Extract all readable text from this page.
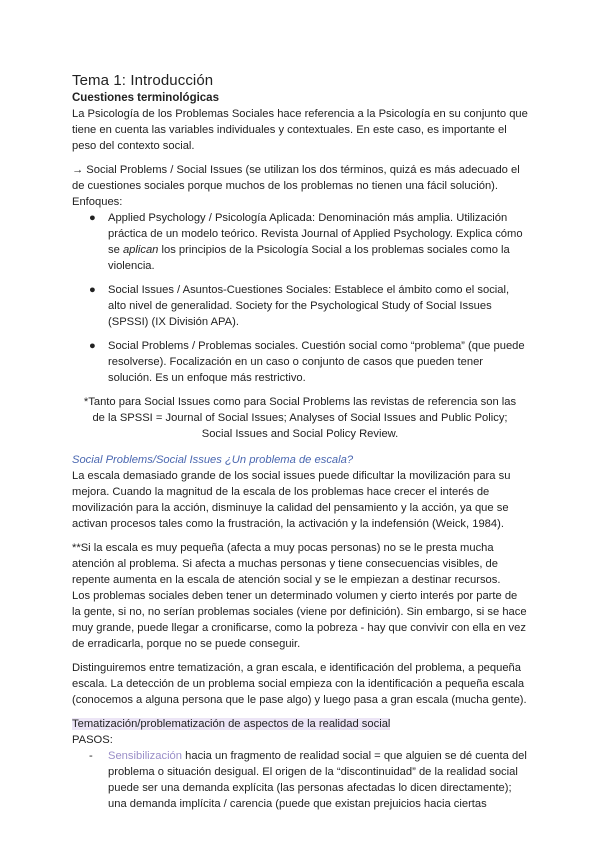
Tema 1: Introducción
Cuestiones terminológicas

La Psicología de los Problemas Sociales hace referencia a la Psicología en su conjunto que tiene en cuenta las variables individuales y contextuales. En este caso, es importante el peso del contexto social.

→ Social Problems / Social Issues (se utilizan los dos términos, quizá es más adecuado el de cuestiones sociales porque muchos de los problemas no tienen una fácil solución).

Enfoques:

● Applied Psychology / Psicología Aplicada: Denominación más amplia. Utilización práctica de un modelo teórico. Revista Journal of Applied Psychology. Explica cómo se aplican los principios de la Psicología Social a los problemas sociales como la violencia.
● Social Issues / Asuntos-Cuestiones Sociales: Establece el ámbito como el social, alto nivel de generalidad. Society for the Psychological Study of Social Issues (SPSSI) (IX División APA).
● Social Problems / Problemas sociales. Cuestión social como “problema” (que puede resolverse). Focalización en un caso o conjunto de casos que pueden tener solución. Es un enfoque más restrictivo.
*Tanto para Social Issues como para Social Problems las revistas de referencia son las de la SPSSI = Journal of Social Issues; Analyses of Social Issues and Public Policy; Social Issues and Social Policy Review.

Social Problems/Social Issues ¿Un problema de escala?

La escala demasiado grande de los social issues puede dificultar la movilización para su mejora. Cuando la magnitud de la escala de los problemas hace crecer el interés de movilización para la acción, disminuye la calidad del pensamiento y la acción, ya que se activan procesos tales como la frustración, la activación y la indefensión (Weick, 1984).

**Si la escala es muy pequeña (afecta a muy pocas personas) no se le presta mucha atención al problema. Si afecta a muchas personas y tiene consecuencias visibles, de repente aumenta en la escala de atención social y se le empiezan a destinar recursos.

Los problemas sociales deben tener un determinado volumen y cierto interés por parte de la gente, si no, no serían problemas sociales (viene por definición). Sin embargo, si se hace muy grande, puede llegar a cronificarse, como la pobreza - hay que convivir con ella en vez de erradicarla, porque no se puede conseguir.

Distinguiremos entre tematización, a gran escala, e identificación del problema, a pequeña escala. La detección de un problema social empieza con la identificación a pequeña escala (conocemos a alguna persona que le pase algo) y luego pasa a gran escala (mucha gente).

Tematización/problematización de aspectos de la realidad social

PASOS:

- Sensibilización hacia un fragmento de realidad social = que alguien se dé cuenta del problema o situación desigual. El origen de la “discontinuidad” de la realidad social puede ser una demanda explícita (las personas afectadas lo dicen directamente); una demanda implícita / carencia (puede que existan prejuicios hacia ciertas
